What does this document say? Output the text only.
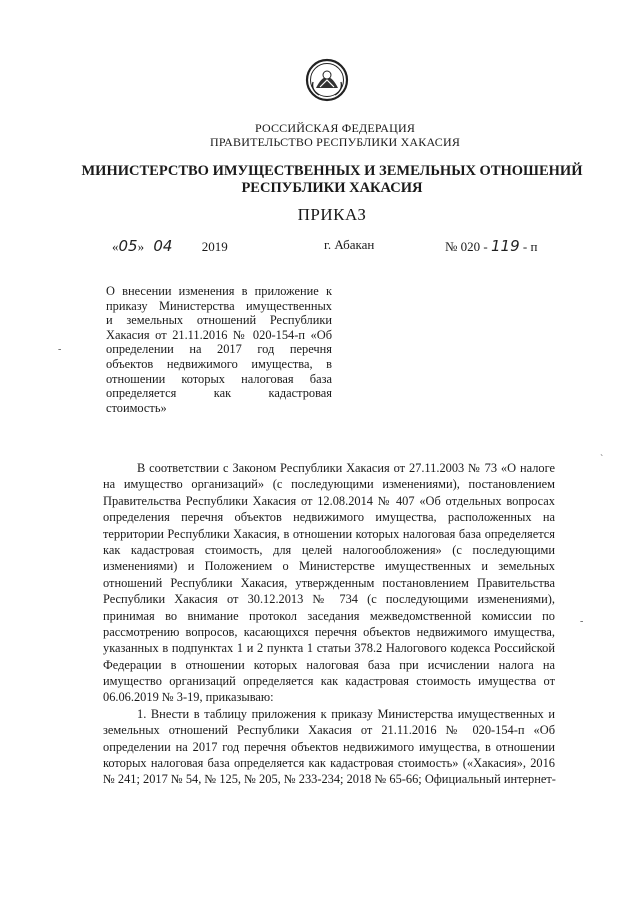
РОССИЙСКАЯ ФЕДЕРАЦИЯ
ПРАВИТЕЛЬСТВО РЕСПУБЛИКИ ХАКАСИЯ
МИНИСТЕРСТВО ИМУЩЕСТВЕННЫХ И ЗЕМЕЛЬНЫХ ОТНОШЕНИЙ
РЕСПУБЛИКИ ХАКАСИЯ
ПРИКАЗ
«05» 04 2019	г. Абакан	№ 020 - 119 - п
О внесении изменения в приложение к
приказу Министерства имущественных
и земельных отношений Республики
Хакасия от 21.11.2016 № 020-154-п «Об
определении на 2017 год перечня
объектов недвижимого имущества, в
отношении которых налоговая база
определяется как кадастровая
стоимость»
В соответствии с Законом Республики Хакасия от 27.11.2003 № 73 «О налоге
на имущество организаций» (с последующими изменениями), постановлением
Правительства Республики Хакасия от 12.08.2014 № 407 «Об отдельных вопросах
определения перечня объектов недвижимого имущества, расположенных на
территории Республики Хакасия, в отношении которых налоговая база определяется
как кадастровая стоимость, для целей налогообложения» (с последующими
изменениями) и Положением о Министерстве имущественных и земельных
отношений Республики Хакасия, утвержденным постановлением Правительства
Республики Хакасия от 30.12.2013 № 734 (с последующими изменениями),
принимая во внимание протокол заседания межведомственной комиссии по
рассмотрению вопросов, касающихся перечня объектов недвижимого имущества,
указанных в подпунктах 1 и 2 пункта 1 статьи 378.2 Налогового кодекса Российской
Федерации в отношении которых налоговая база при исчислении налога на
имущество организаций определяется как кадастровая стоимость имущества от
06.06.2019 № 3-19, приказываю:
1. Внести в таблицу приложения к приказу Министерства имущественных и
земельных отношений Республики Хакасия от 21.11.2016 № 020-154-п «Об
определении на 2017 год перечня объектов недвижимого имущества, в отношении
которых налоговая база определяется как кадастровая стоимость» («Хакасия», 2016
№ 241; 2017 № 54, № 125, № 205, № 233-234; 2018 № 65-66; Официальный интернет-
-
ˋ
-
